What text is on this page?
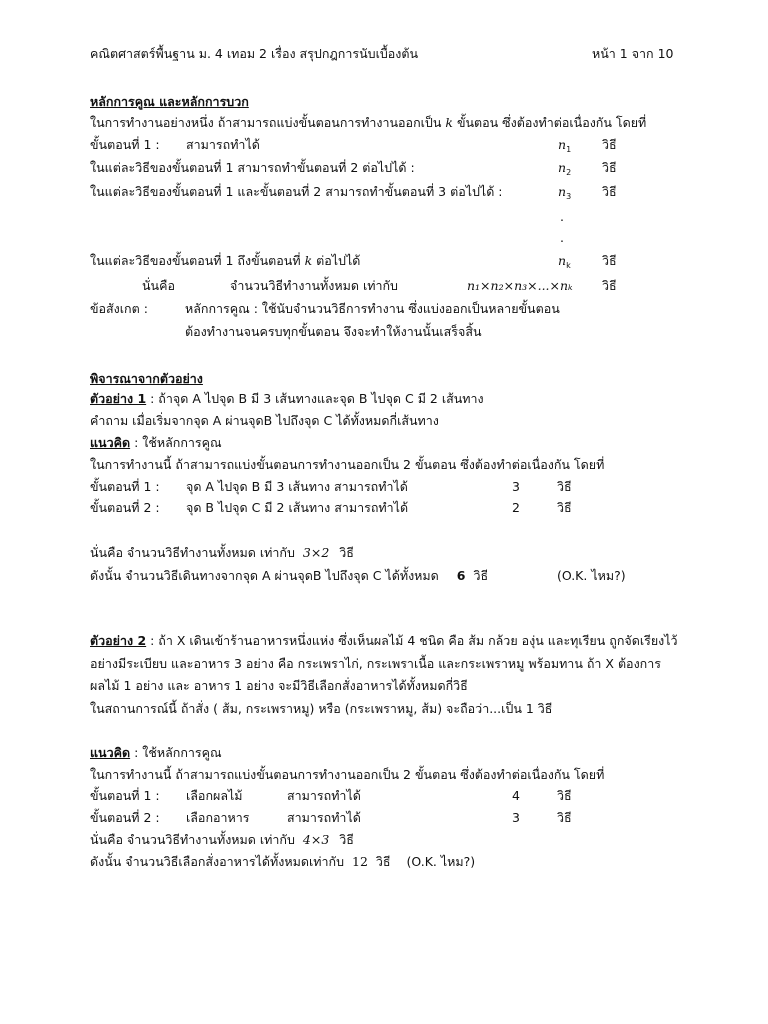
คณิตศาสตร์พื้นฐาน ม. 4 เทอม 2 เรื่อง สรุปกฎการนับเบื้องต้น	หน้า 1 จาก 10
หลักการคูณ และหลักการบวก
ในการทำงานอย่างหนึ่ง ถ้าสามารถแบ่งขั้นตอนการทำงานออกเป็น k ขั้นตอน ซึ่งต้องทำต่อเนื่องกัน โดยที่
ขั้นตอนที่ 1 : สามารถทำได้	$n_1$ วิธี
ในแต่ละวิธีของขั้นตอนที่ 1 สามารถทำขั้นตอนที่ 2 ต่อไปได้ :	$n_2$ วิธี
ในแต่ละวิธีของขั้นตอนที่ 1 และขั้นตอนที่ 2 สามารถทำขั้นตอนที่ 3 ต่อไปได้ :	$n_3$ วิธี
.
.
ในแต่ละวิธีของขั้นตอนที่ 1 ถึงขั้นตอนที่ k ต่อไปได้	$n_k$	วิธี
นั่นคือ	จำนวนวิธีทำงานทั้งหมด เท่ากับ	n₁×n₂×n₃×...×nₖ วิธี
ข้อสังเกต :	หลักการคูณ : ใช้นับจำนวนวิธีการทำงาน ซึ่งแบ่งออกเป็นหลายขั้นตอน
ต้องทำงานจนครบทุกขั้นตอน จึงจะทำให้งานนั้นเสร็จสิ้น
พิจารณาจากตัวอย่าง
ตัวอย่าง 1 : ถ้าจุด A ไปจุด B มี 3 เส้นทางและจุด B ไปจุด C มี 2 เส้นทาง
คำถาม เมื่อเริ่มจากจุด A ผ่านจุดB ไปถึงจุด C ได้ทั้งหมดกี่เส้นทาง
แนวคิด : ใช้หลักการคูณ
ในการทำงานนี้ ถ้าสามารถแบ่งขั้นตอนการทำงานออกเป็น 2 ขั้นตอน ซึ่งต้องทำต่อเนื่องกัน โดยที่
ขั้นตอนที่ 1 : จุด A ไปจุด B มี 3 เส้นทาง สามารถทำได้	3	วิธี
ขั้นตอนที่ 2 : จุด B ไปจุด C มี 2 เส้นทาง สามารถทำได้	2	วิธี
นั่นคือ จำนวนวิธีทำงานทั้งหมด เท่ากับ 3×2 วิธี
ดังนั้น จำนวนวิธีเดินทางจากจุด A ผ่านจุดB ไปถึงจุด C ได้ทั้งหมด 6 วิธี	(O.K. ไหม?)
ตัวอย่าง 2 : ถ้า X เดินเข้าร้านอาหารหนึ่งแห่ง ซึ่งเห็นผลไม้ 4 ชนิด คือ ส้ม กล้วย องุ่น และทุเรียน ถูกจัดเรียงไว้
อย่างมีระเบียบ และอาหาร 3 อย่าง คือ กระเพราไก่, กระเพราเนื้อ และกระเพราหมู พร้อมทาน ถ้า X ต้องการ
ผลไม้ 1 อย่าง และ อาหาร 1 อย่าง จะมีวิธีเลือกสั่งอาหารได้ทั้งหมดกี่วิธี
ในสถานการณ์นี้ ถ้าสั่ง ( ส้ม, กระเพราหมู) หรือ (กระเพราหมู, ส้ม) จะถือว่า...เป็น 1 วิธี
แนวคิด : ใช้หลักการคูณ
ในการทำงานนี้ ถ้าสามารถแบ่งขั้นตอนการทำงานออกเป็น 2 ขั้นตอน ซึ่งต้องทำต่อเนื่องกัน โดยที่
ขั้นตอนที่ 1 : เลือกผลไม้	สามารถทำได้	4	วิธี
ขั้นตอนที่ 2 : เลือกอาหาร	สามารถทำได้	3	วิธี
นั่นคือ จำนวนวิธีทำงานทั้งหมด เท่ากับ 4×3 วิธี
ดังนั้น จำนวนวิธีเลือกสั่งอาหารได้ทั้งหมดเท่ากับ 12 วิธี (O.K. ไหม?)
